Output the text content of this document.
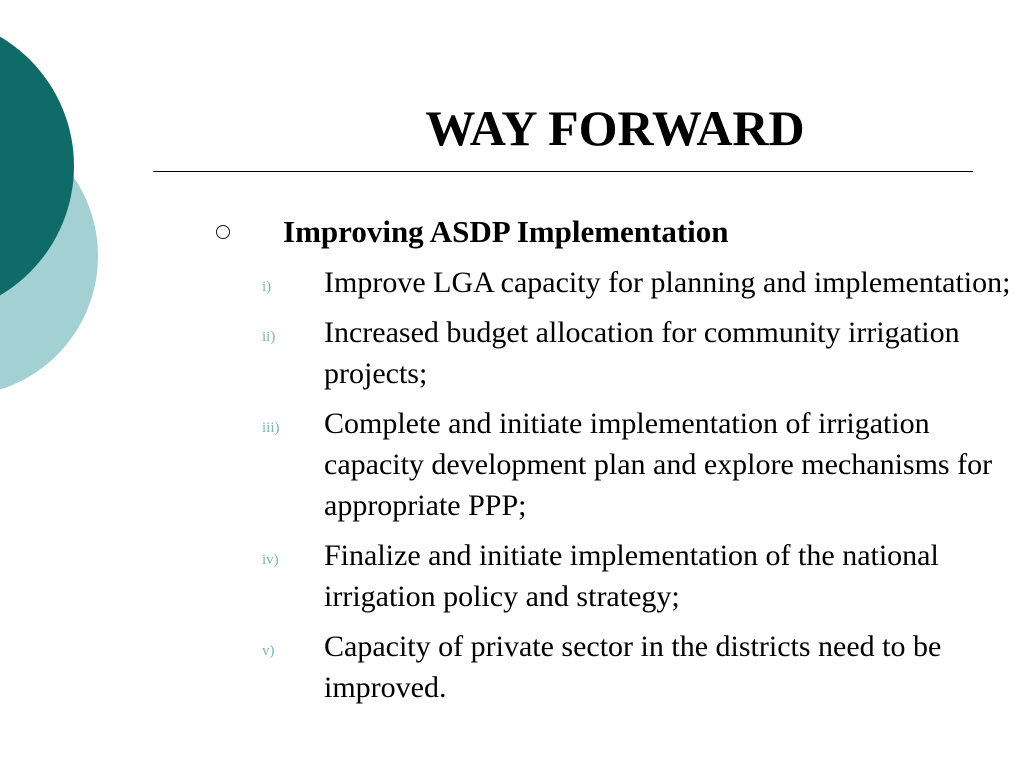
WAY FORWARD
Improving ASDP Implementation
i)	Improve LGA capacity for planning and implementation;
ii)	Increased budget allocation for community irrigation projects;
iii)	Complete and initiate implementation of irrigation capacity development plan and explore mechanisms for appropriate PPP;
iv)	Finalize and initiate implementation of the national irrigation policy and strategy;
v)	Capacity of private sector in the districts need to be improved.
